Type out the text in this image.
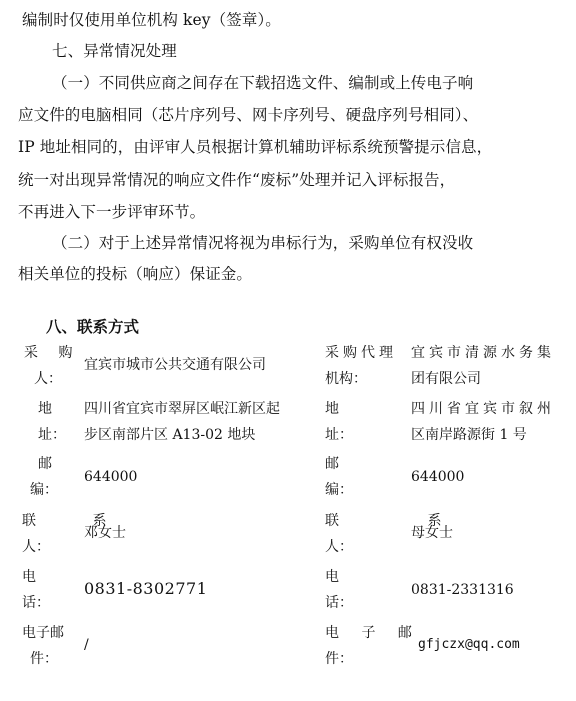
编制时仅使用单位机构 key（签章）。
七、异常情况处理
（一）不同供应商之间存在下载招选文件、编制或上传电子响
应文件的电脑相同（芯片序列号、网卡序列号、硬盘序列号相同）、
IP 地址相同的，由评审人员根据计算机辅助评标系统预警提示信息，
统一对出现异常情况的响应文件作“废标”处理并记入评标报告，
不再进入下一步评审环节。
（二）对于上述异常情况将视为串标行为，采购单位有权没收
相关单位的投标（响应）保证金。
八、联系方式
采 购
人：
宜宾市城市公共交通有限公司
采购代理
机构：
宜宾市清源水务集
团有限公司
地
址：
四川省宜宾市翠屏区岷江新区起
步区南部片区 A13-02 地块
地
址：
四川省宜宾市叙州
区南岸路源街 1 号
邮
编：
644000
邮
编：
644000
联 系
人：
邓女士
联 系
人：
母女士
电
话：
0831-8302771
电
话：
0831-2331316
电子邮
件：
/
电 子 邮
件：
gfjczx@qq.com
